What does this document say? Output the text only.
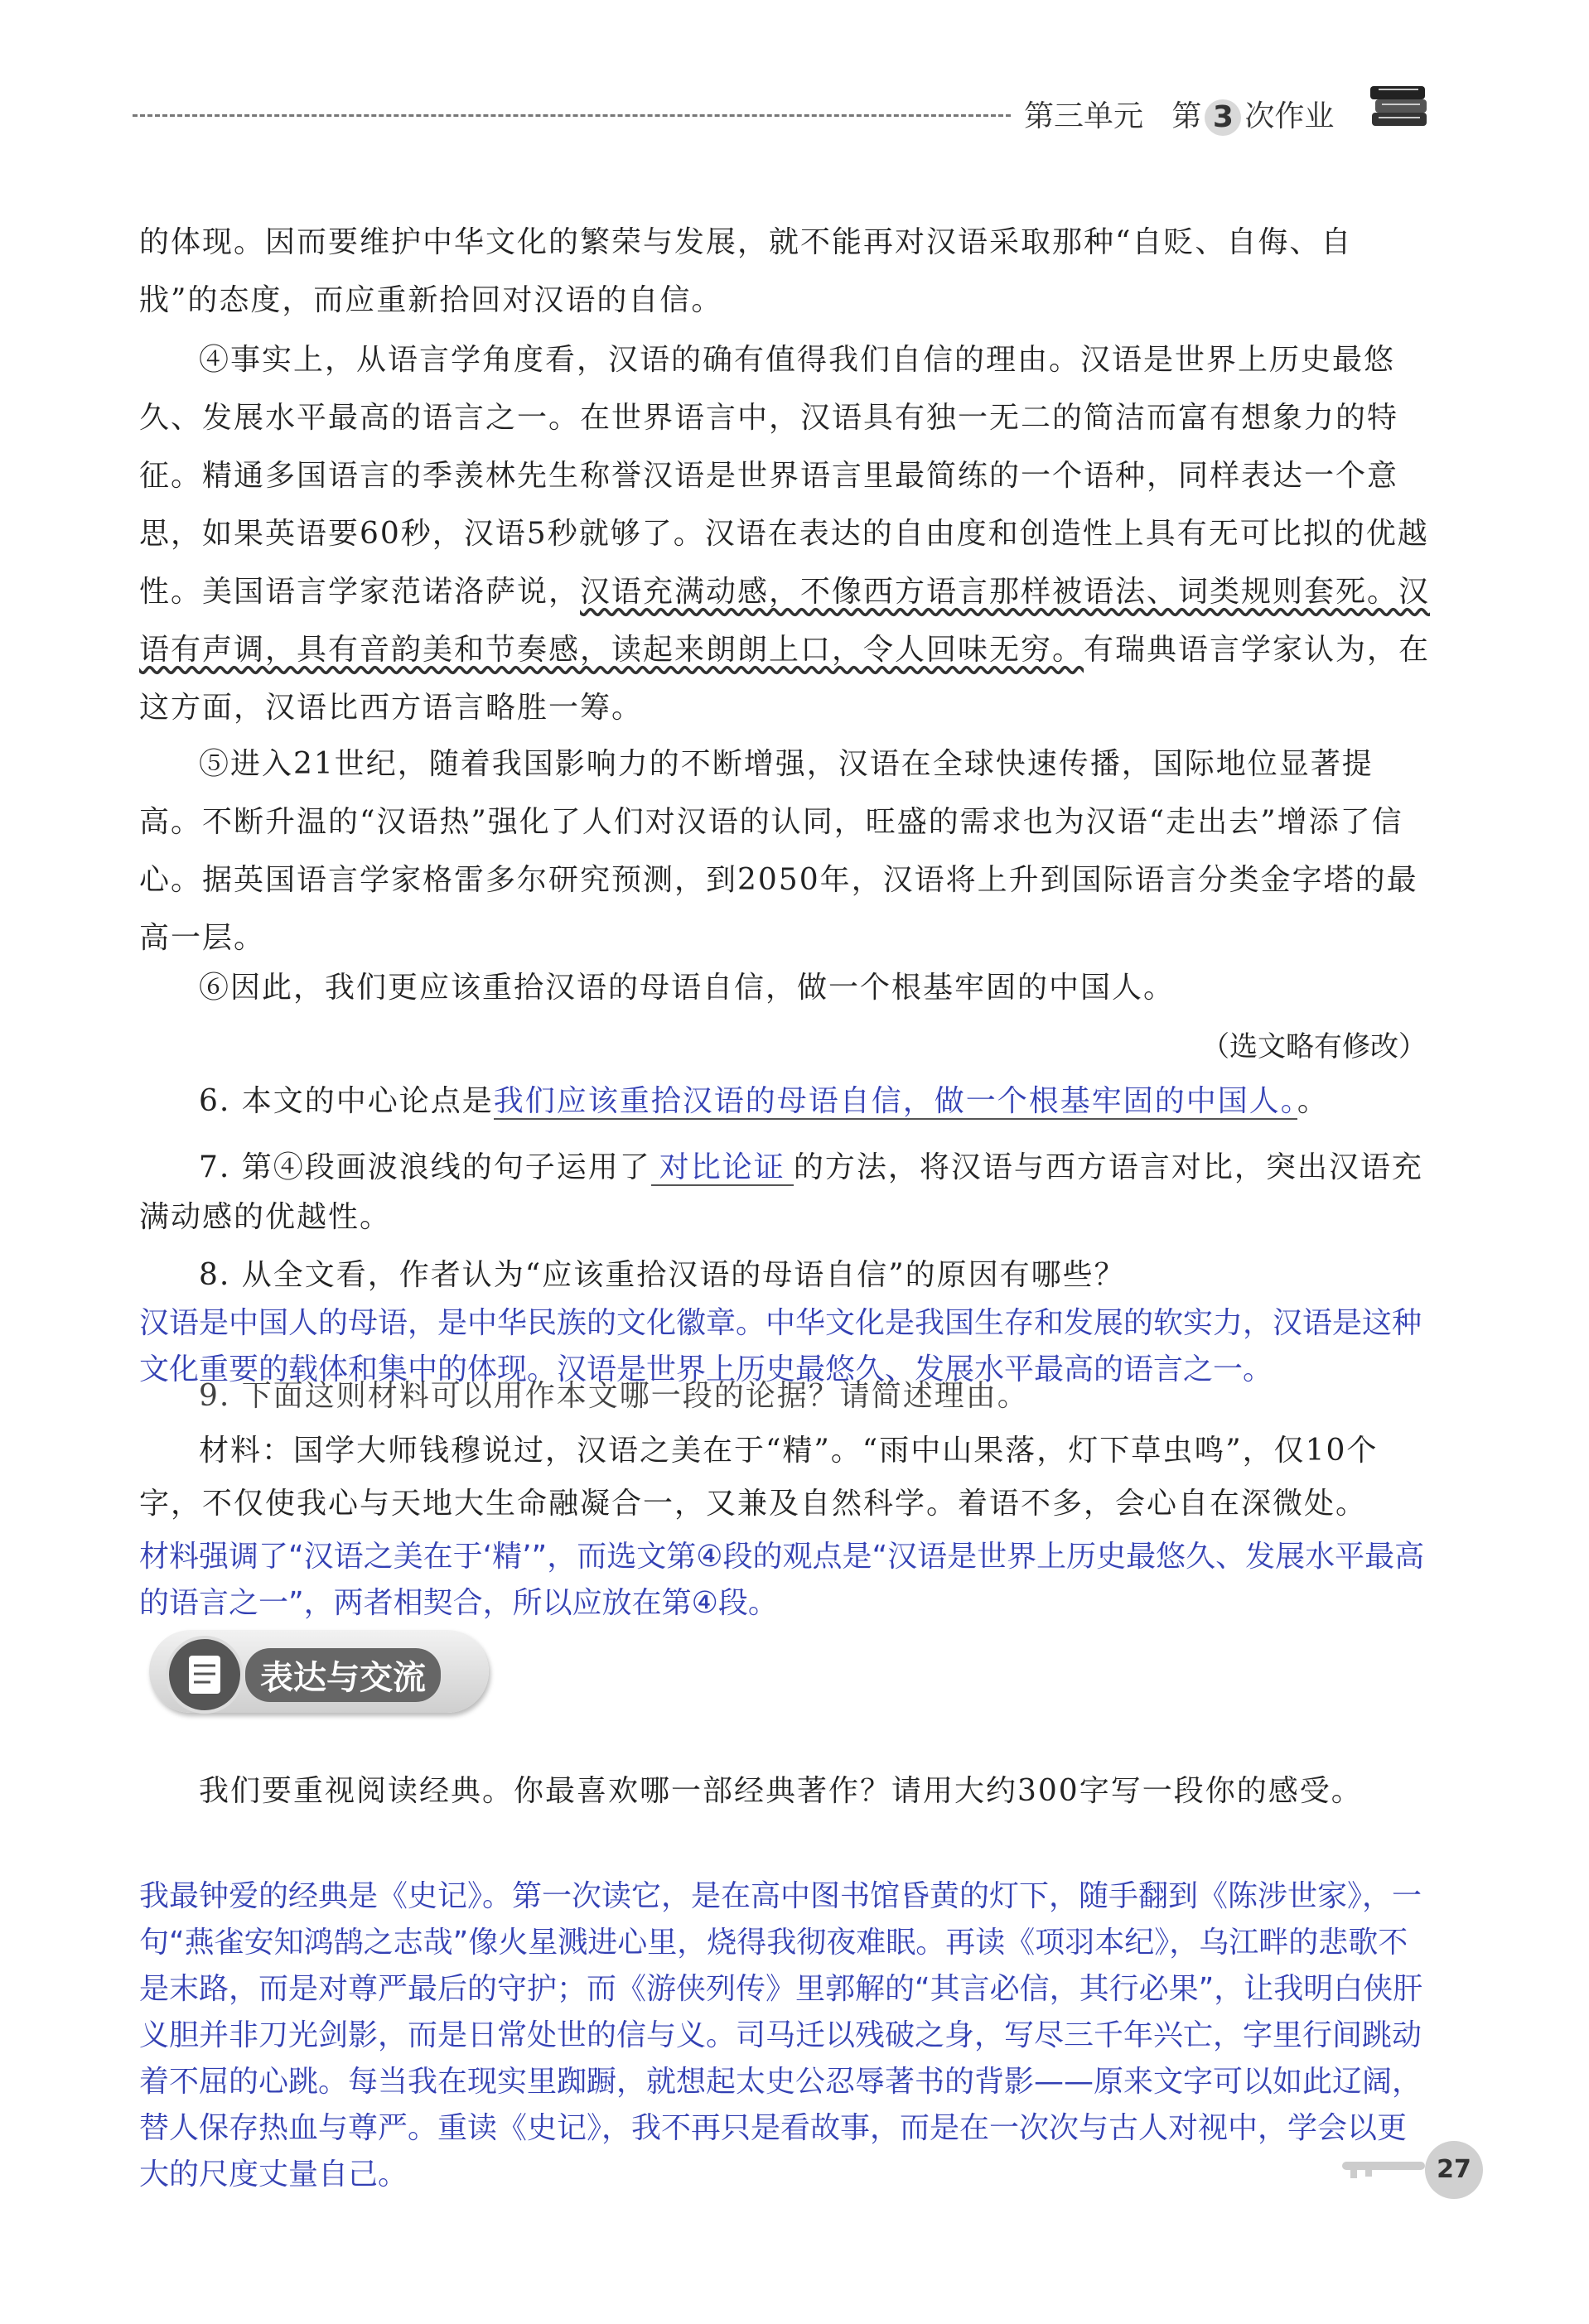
第三单元 第 3 次作业
的体现。因而要维护中华文化的繁荣与发展，就不能再对汉语采取那种“自贬、自侮、自戕”的态度，而应重新拾回对汉语的自信。
④事实上，从语言学角度看，汉语的确有值得我们自信的理由。汉语是世界上历史最悠久、发展水平最高的语言之一。在世界语言中，汉语具有独一无二的简洁而富有想象力的特征。精通多国语言的季羡林先生称誉汉语是世界语言里最简练的一个语种，同样表达一个意思，如果英语要60秒，汉语5秒就够了。汉语在表达的自由度和创造性上具有无可比拟的优越性。美国语言学家范诺洛萨说，汉语充满动感，不像西方语言那样被语法、词类规则套死。汉语有声调，具有音韵美和节奏感，读起来朗朗上口，令人回味无穷。有瑞典语言学家认为，在这方面，汉语比西方语言略胜一筹。
⑤进入21世纪，随着我国影响力的不断增强，汉语在全球快速传播，国际地位显著提高。不断升温的“汉语热”强化了人们对汉语的认同，旺盛的需求也为汉语“走出去”增添了信心。据英国语言学家格雷多尔研究预测，到2050年，汉语将上升到国际语言分类金字塔的最高一层。
⑥因此，我们更应该重拾汉语的母语自信，做一个根基牢固的中国人。
（选文略有修改）
6. 本文的中心论点是我们应该重拾汉语的母语自信，做一个根基牢固的中国人。。
7. 第④段画波浪线的句子运用了 对比论证 的方法，将汉语与西方语言对比，突出汉语充满动感的优越性。
8. 从全文看，作者认为“应该重拾汉语的母语自信”的原因有哪些？
汉语是中国人的母语，是中华民族的文化徽章。中华文化是我国生存和发展的软实力，汉语是这种文化重要的载体和集中的体现。汉语是世界上历史最悠久、发展水平最高的语言之一。
9. 下面这则材料可以用作本文哪一段的论据？请简述理由。
材料：国学大师钱穆说过，汉语之美在于“精”。“雨中山果落，灯下草虫鸣”，仅10个字，不仅使我心与天地大生命融凝合一，又兼及自然科学。着语不多，会心自在深微处。
材料强调了“汉语之美在于‘精’”，而选文第④段的观点是“汉语是世界上历史最悠久、发展水平最高的语言之一”，两者相契合，所以应放在第④段。
表达与交流
我们要重视阅读经典。你最喜欢哪一部经典著作？请用大约300字写一段你的感受。
我最钟爱的经典是《史记》。第一次读它，是在高中图书馆昏黄的灯下，随手翻到《陈涉世家》，一句“燕雀安知鸿鹄之志哉”像火星溅进心里，烧得我彻夜难眠。再读《项羽本纪》，乌江畔的悲歌不是末路，而是对尊严最后的守护；而《游侠列传》里郭解的“其言必信，其行必果”，让我明白侠肝义胆并非刀光剑影，而是日常处世的信与义。司马迁以残破之身，写尽三千年兴亡，字里行间跳动着不屈的心跳。每当我在现实里踟蹰，就想起太史公忍辱著书的背影——原来文字可以如此辽阔，替人保存热血与尊严。重读《史记》，我不再只是看故事，而是在一次次与古人对视中，学会以更大的尺度丈量自己。	27
